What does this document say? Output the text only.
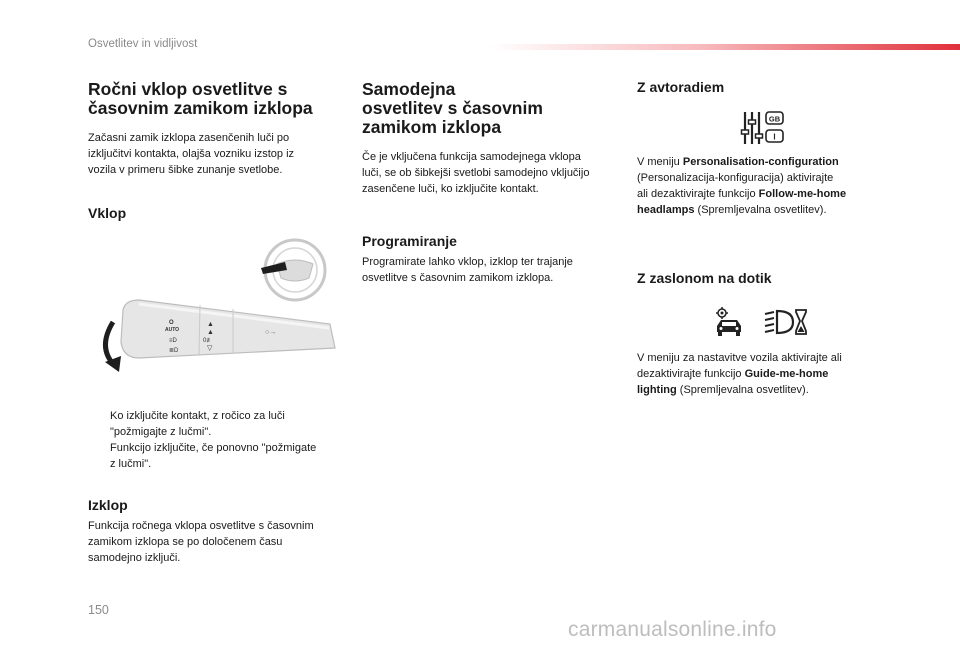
Osvetlitev in vidljivost
Ročni vklop osvetlitve s
časovnim zamikom izklopa
Začasni zamik izklopa zasenčenih luči po
izključitvi kontakta, olajša vozniku izstop iz
vozila v primeru šibke zunanje svetlobe.
Vklop
O
AUTO
≡D
≣D
▲
▲
▽
0≢
○→
Ko izključite kontakt, z ročico za luči
"požmigajte z lučmi".
Funkcijo izključite, če ponovno "požmigate
z lučmi".
Izklop
Funkcija ročnega vklopa osvetlitve s časovnim
zamikom izklopa se po določenem času
samodejno izključi.
Samodejna
osvetlitev s časovnim
zamikom izklopa
Če je vključena funkcija samodejnega vklopa
luči, se ob šibkejši svetlobi samodejno vključijo
zasenčene luči, ko izključite kontakt.
Programiranje
Programirate lahko vklop, izklop ter trajanje
osvetlitve s časovnim zamikom izklopa.
Z avtoradiem
GB
I
V meniju Personalisation-configuration
(Personalizacija-konfiguracija) aktivirajte
ali dezaktivirajte funkcijo Follow-me-home
headlamps (Spremljevalna osvetlitev).
Z zaslonom na dotik
V meniju za nastavitve vozila aktivirajte ali
dezaktivirajte funkcijo Guide-me-home
lighting (Spremljevalna osvetlitev).
150
carmanualsonline.info
